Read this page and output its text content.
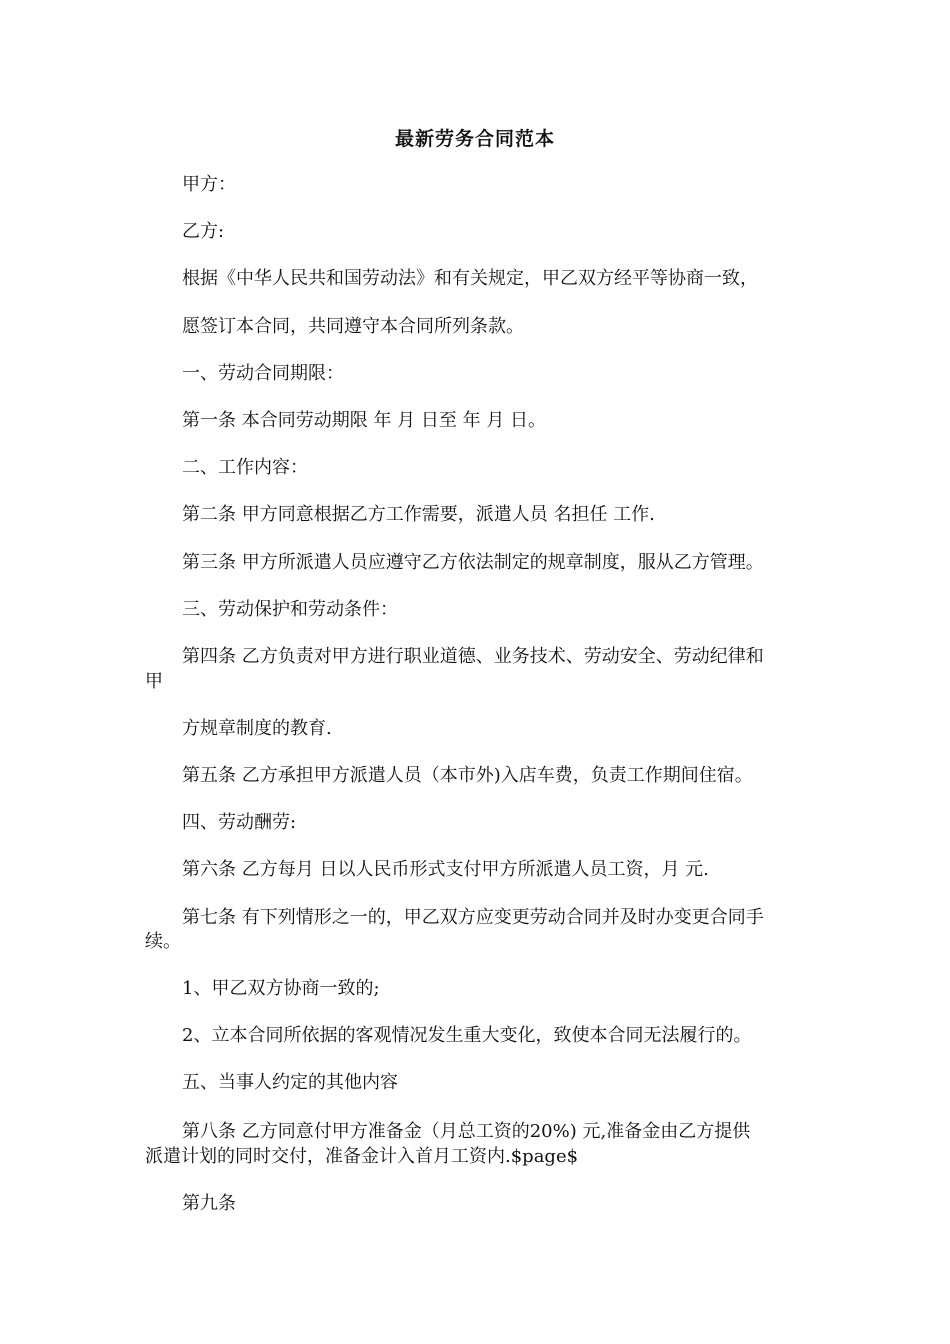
最新劳务合同范本
甲方：
乙方:
根据《中华人民共和国劳动法》和有关规定，甲乙双方经平等协商一致，
愿签订本合同，共同遵守本合同所列条款。
一、劳动合同期限：
第一条 本合同劳动期限 年 月 日至 年 月 日。
二、工作内容：
第二条 甲方同意根据乙方工作需要，派遣人员 名担任 工作.
第三条 甲方所派遣人员应遵守乙方依法制定的规章制度，服从乙方管理。
三、劳动保护和劳动条件：
第四条 乙方负责对甲方进行职业道德、业务技术、劳动安全、劳动纪律和
甲
方规章制度的教育.
第五条 乙方承担甲方派遣人员（本市外)入店车费，负责工作期间住宿。
四、劳动酬劳:
第六条 乙方每月 日以人民币形式支付甲方所派遣人员工资，月 元.
第七条 有下列情形之一的，甲乙双方应变更劳动合同并及时办变更合同手
续。
1、甲乙双方协商一致的;
2、立本合同所依据的客观情况发生重大变化，致使本合同无法履行的。
五、当事人约定的其他内容
第八条 乙方同意付甲方准备金（月总工资的20%) 元,准备金由乙方提供
派遣计划的同时交付，准备金计入首月工资内.$page$
第九条
